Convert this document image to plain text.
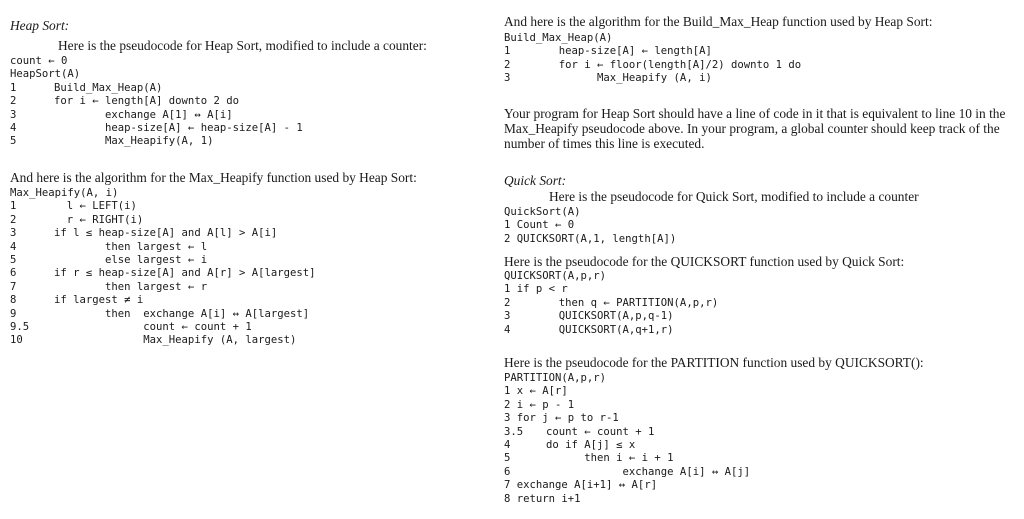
Heap Sort:
Here is the pseudocode for Heap Sort, modified to include a counter:
count ← 0
HeapSort(A)
1	Build_Max_Heap(A)
2	for i ← length[A] downto 2 do
3	exchange A[1] ↔ A[i]
4	heap-size[A] ← heap-size[A] - 1
5	Max_Heapify(A, 1)
And here is the algorithm for the Max_Heapify function used by Heap Sort:
Max_Heapify(A, i)
1	l ← LEFT(i)
2	r ← RIGHT(i)
3	if l ≤ heap-size[A] and A[l] > A[i]
4	then largest ← l
5	else largest ← i
6	if r ≤ heap-size[A] and A[r] > A[largest]
7	then largest ← r
8	if largest ≠ i
9	then  exchange A[i] ↔ A[largest]
9.5              count ← count + 1
10	Max_Heapify (A, largest)
And here is the algorithm for the Build_Max_Heap function used by Heap Sort:
Build_Max_Heap(A)
1	heap-size[A] ← length[A]
2	for i ← floor(length[A]/2) downto 1 do
3	Max_Heapify (A, i)
Your program for Heap Sort should have a line of code in it that is equivalent to line 10 in the Max_Heapify pseudocode above. In your program, a global counter should keep track of the number of times this line is executed.
Quick Sort:
Here is the pseudocode for Quick Sort, modified to include a counter
QuickSort(A)
1 Count ← 0
2 QUICKSORT(A,1, length[A])
Here is the pseudocode for the QUICKSORT function used by Quick Sort:
QUICKSORT(A,p,r)
1 if p < r
2	then q ← PARTITION(A,p,r)
3	QUICKSORT(A,p,q-1)
4	QUICKSORT(A,q+1,r)
Here is the pseudocode for the PARTITION function used by QUICKSORT():
PARTITION(A,p,r)
1 x ← A[r]
2 i ← p - 1
3 for j ← p to r-1
3.5 count ← count + 1
4	do if A[j] ≤ x
5	then i ← i + 1
6	exchange A[i] ↔ A[j]
7 exchange A[i+1] ↔ A[r]
8 return i+1
